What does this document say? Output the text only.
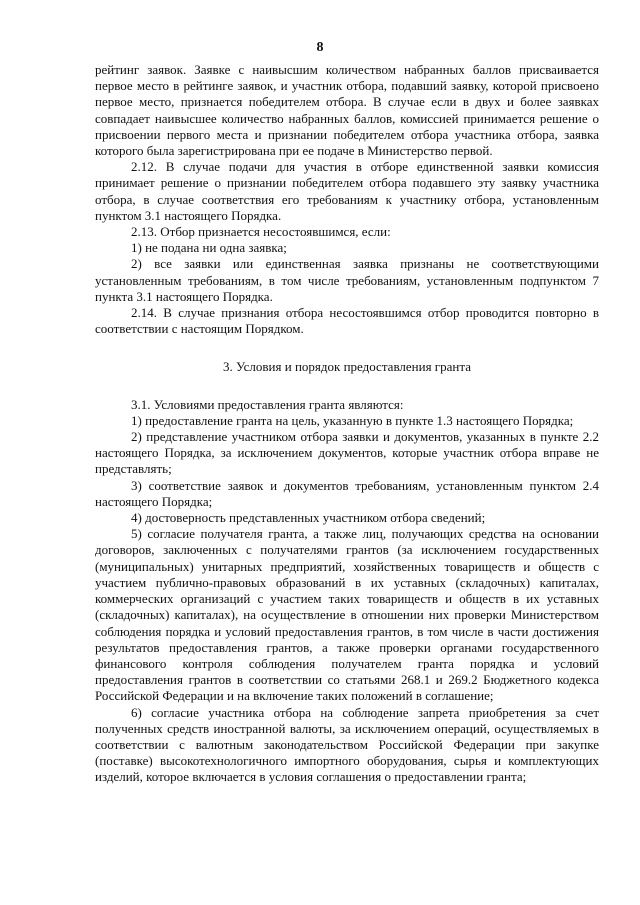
8

рейтинг заявок. Заявке с наивысшим количеством набранных баллов присваивается первое место в рейтинге заявок, и участник отбора, подавший заявку, которой присвоено первое место, признается победителем отбора. В случае если в двух и более заявках совпадает наивысшее количество набранных баллов, комиссией принимается решение о присвоении первого места и признании победителем отбора участника отбора, заявка которого была зарегистрирована при ее подаче в Министерство первой.

2.12. В случае подачи для участия в отборе единственной заявки комиссия принимает решение о признании победителем отбора подавшего эту заявку участника отбора, в случае соответствия его требованиям к участнику отбора, установленным пунктом 3.1 настоящего Порядка.

2.13. Отбор признается несостоявшимся, если:

1) не подана ни одна заявка;

2) все заявки или единственная заявка признаны не соответствующими установленным требованиям, в том числе требованиям, установленным подпунктом 7 пункта 3.1 настоящего Порядка.

2.14. В случае признания отбора несостоявшимся отбор проводится повторно в соответствии с настоящим Порядком.

3. Условия и порядок предоставления гранта

3.1. Условиями предоставления гранта являются:

1) предоставление гранта на цель, указанную в пункте 1.3 настоящего Порядка;

2) представление участником отбора заявки и документов, указанных в пункте 2.2 настоящего Порядка, за исключением документов, которые участник отбора вправе не представлять;

3) соответствие заявок и документов требованиям, установленным пунктом 2.4 настоящего Порядка;

4) достоверность представленных участником отбора сведений;

5) согласие получателя гранта, а также лиц, получающих средства на основании договоров, заключенных с получателями грантов (за исключением государственных (муниципальных) унитарных предприятий, хозяйственных товариществ и обществ с участием публично-правовых образований в их уставных (складочных) капиталах, коммерческих организаций с участием таких товариществ и обществ в их уставных (складочных) капиталах), на осуществление в отношении них проверки Министерством соблюдения порядка и условий предоставления грантов, в том числе в части достижения результатов предоставления грантов, а также проверки органами государственного финансового контроля соблюдения получателем гранта порядка и условий предоставления грантов в соответствии со статьями 268.1 и 269.2 Бюджетного кодекса Российской Федерации и на включение таких положений в соглашение;

6) согласие участника отбора на соблюдение запрета приобретения за счет полученных средств иностранной валюты, за исключением операций, осуществляемых в соответствии с валютным законодательством Российской Федерации при закупке (поставке) высокотехнологичного импортного оборудования, сырья и комплектующих изделий, которое включается в условия соглашения о предоставлении гранта;
